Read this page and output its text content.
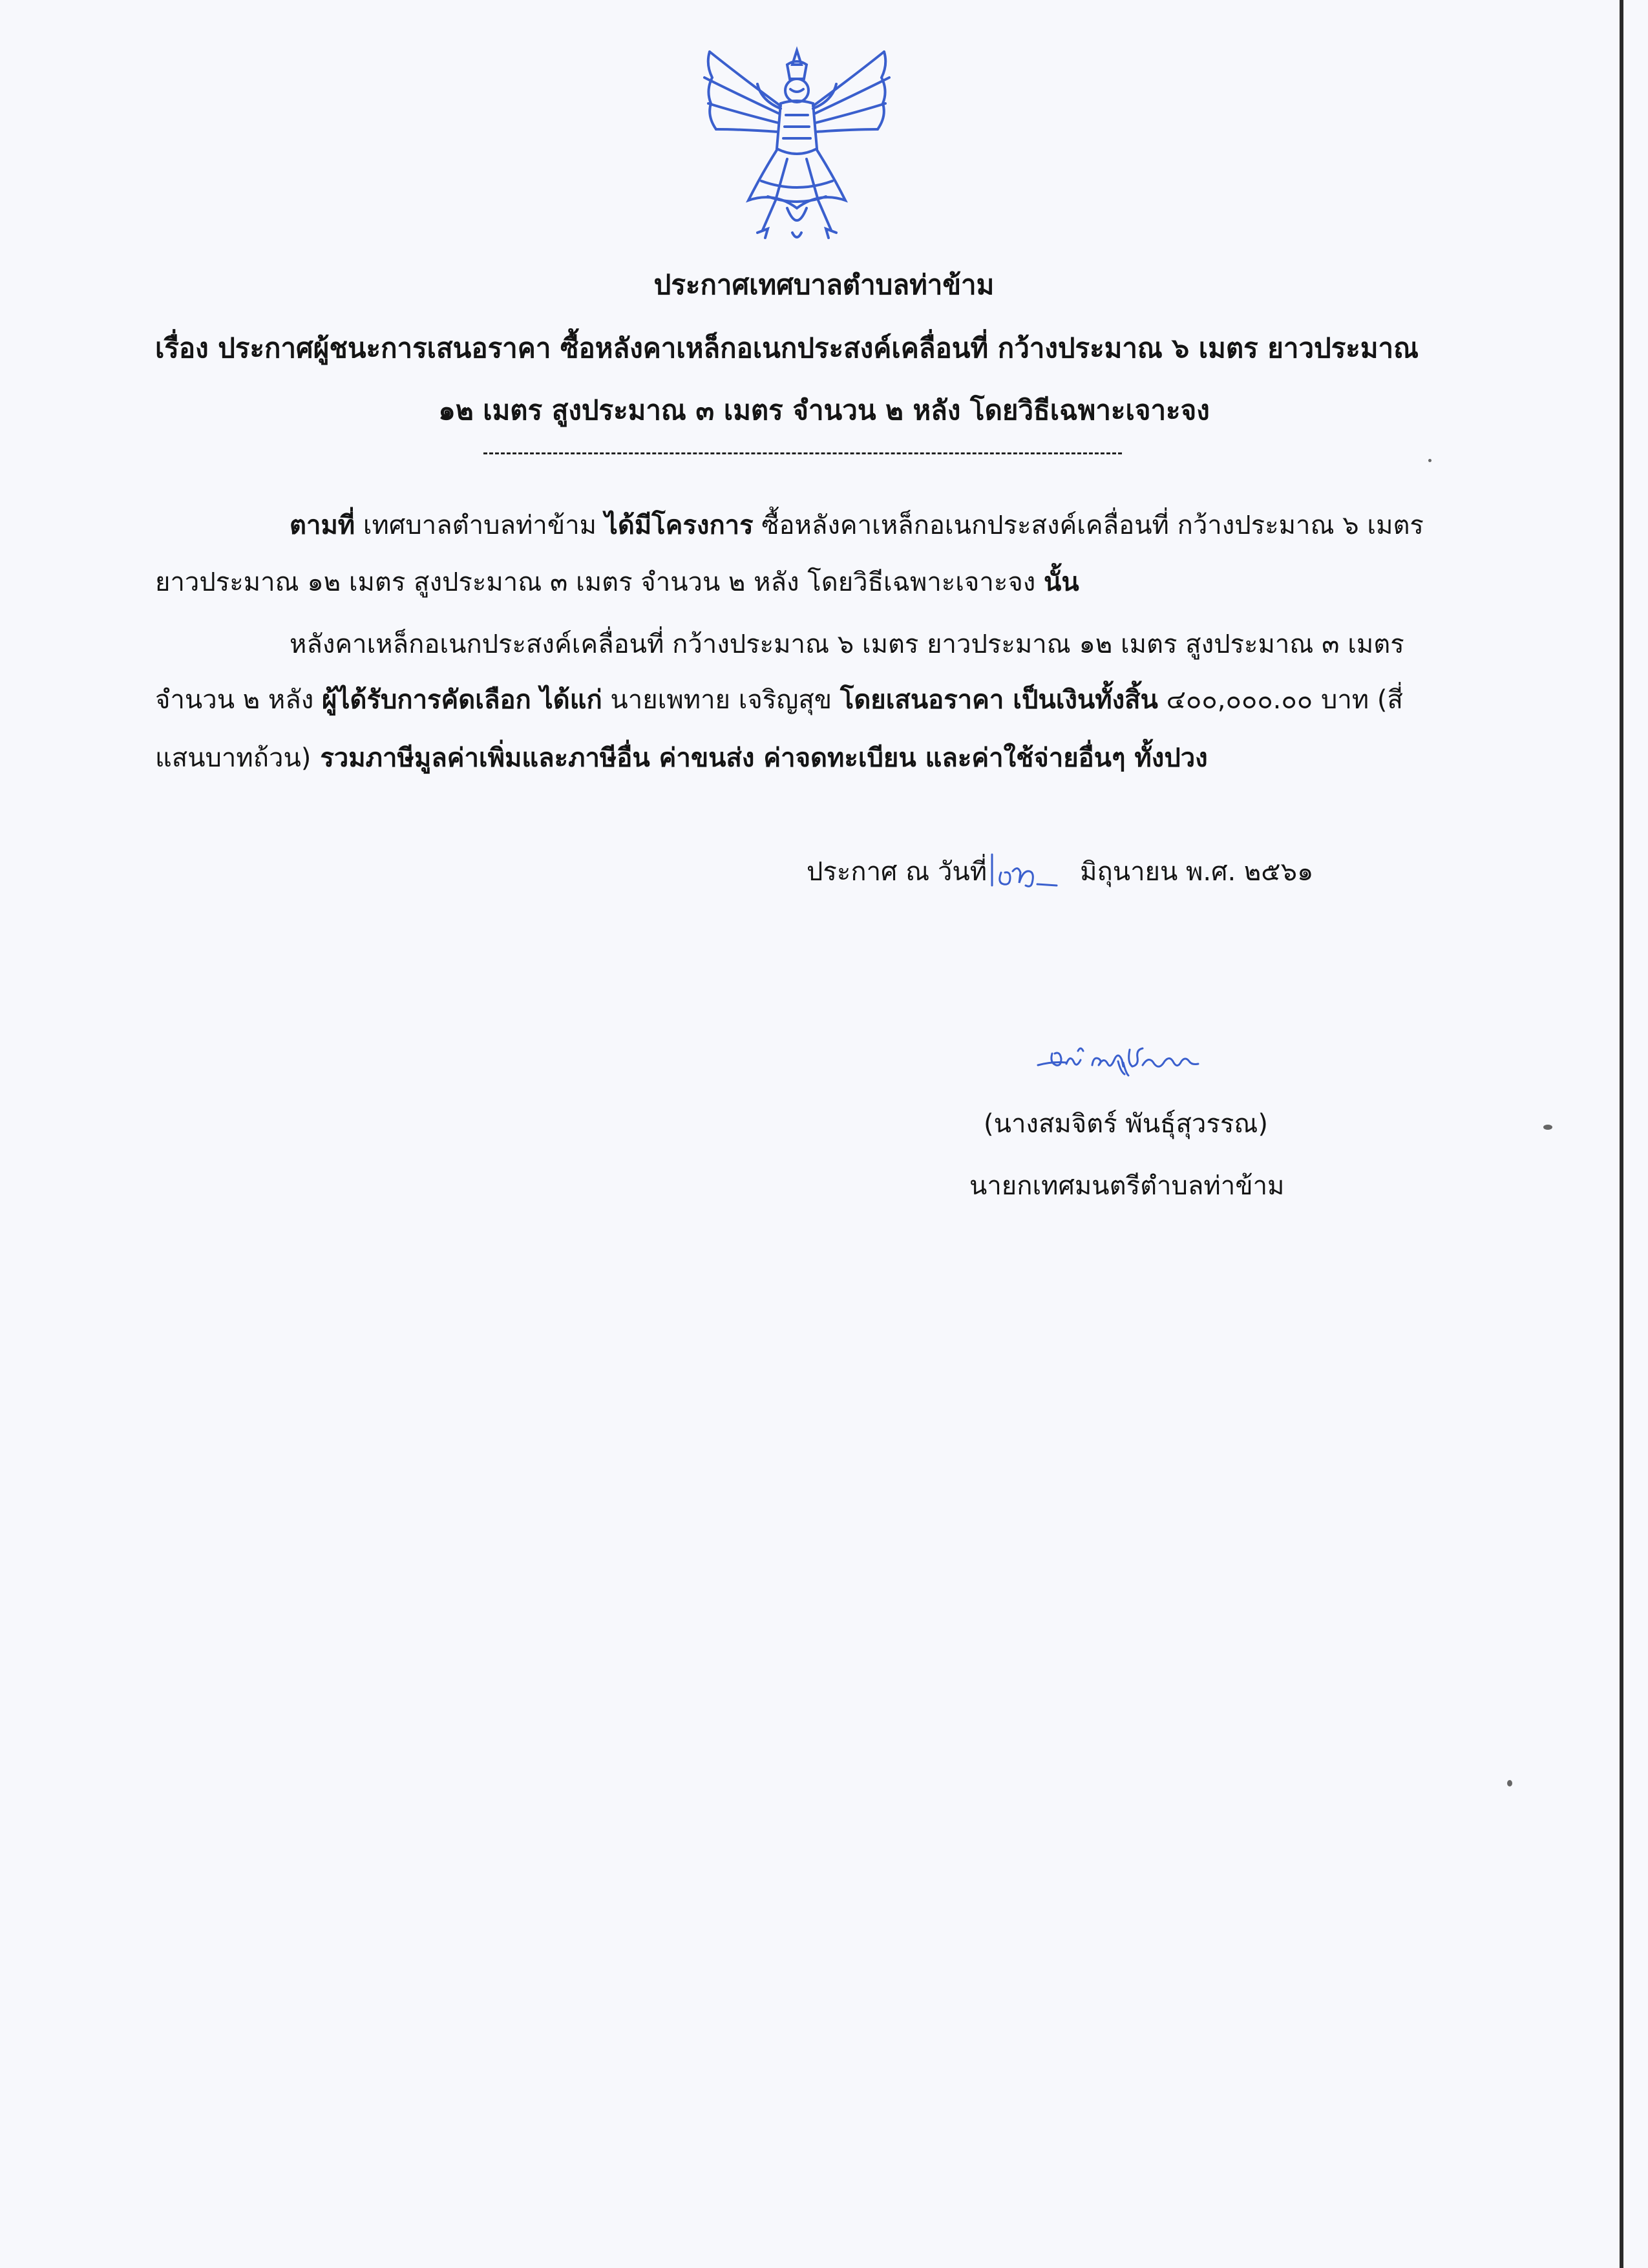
ประกาศเทศบาลตำบลท่าข้าม
เรื่อง ประกาศผู้ชนะการเสนอราคา ซื้อหลังคาเหล็กอเนกประสงค์เคลื่อนที่ กว้างประมาณ ๖ เมตร ยาวประมาณ
๑๒ เมตร สูงประมาณ ๓ เมตร จำนวน ๒ หลัง โดยวิธีเฉพาะเจาะจง
ตามที่ เทศบาลตำบลท่าข้าม ได้มีโครงการ ซื้อหลังคาเหล็กอเนกประสงค์เคลื่อนที่ กว้างประมาณ ๖ เมตร
ยาวประมาณ ๑๒ เมตร สูงประมาณ ๓ เมตร จำนวน ๒ หลัง โดยวิธีเฉพาะเจาะจง นั้น
หลังคาเหล็กอเนกประสงค์เคลื่อนที่ กว้างประมาณ ๖ เมตร ยาวประมาณ ๑๒ เมตร สูงประมาณ ๓ เมตร
จำนวน ๒ หลัง ผู้ได้รับการคัดเลือก ได้แก่ นายเพทาย เจริญสุข โดยเสนอราคา เป็นเงินทั้งสิ้น ๔๐๐,๐๐๐.๐๐ บาท (สี่
แสนบาทถ้วน) รวมภาษีมูลค่าเพิ่มและภาษีอื่น ค่าขนส่ง ค่าจดทะเบียน และค่าใช้จ่ายอื่นๆ ทั้งปวง
ประกาศ ณ วันที่	มิถุนายน พ.ศ. ๒๕๖๑
(นางสมจิตร์ พันธุ์สุวรรณ)
นายกเทศมนตรีตำบลท่าข้าม
